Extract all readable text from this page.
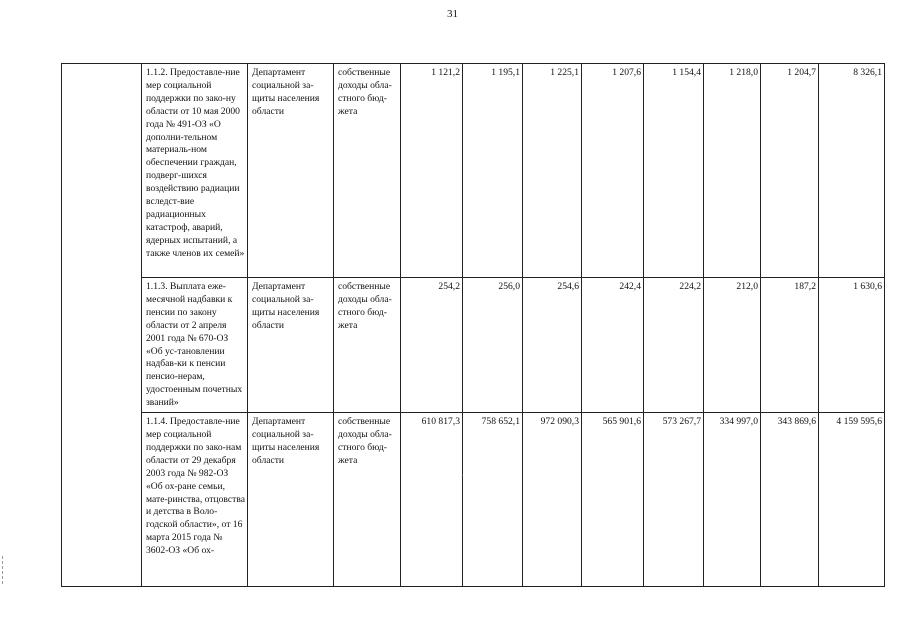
31
	1.1.2. Предоставле-ние мер социальной поддержки по зако-ну области от 10 мая 2000 года № 491-ОЗ «О дополни-тельном материаль-ном обеспечении граждан, подверг-шихся воздействию радиации вследст-вие радиационных катастроф, аварий, ядерных испытаний, а также членов их семей»	Департамент социальной за-щиты населения области	собственные доходы обла-стного бюд-жета	1 121,2	1 195,1	1 225,1	1 207,6	1 154,4	1 218,0	1 204,7	8 326,1
	1.1.3. Выплата еже-месячной надбавки к пенсии по закону области от 2 апреля 2001 года № 670-ОЗ «Об ус-тановлении надбав-ки к пенсии пенсио-нерам, удостоенным почетных званий»	Департамент социальной за-щиты населения области	собственные доходы обла-стного бюд-жета	254,2	256,0	254,6	242,4	224,2	212,0	187,2	1 630,6
	1.1.4. Предоставле-ние мер социальной поддержки по зако-нам области от 29 декабря 2003 года № 982-ОЗ «Об ох-ране семьи, мате-ринства, отцовства и детства в Воло-годской области», от 16 марта 2015 года № 3602-ОЗ «Об ох-	Департамент социальной за-щиты населения области	собственные доходы обла-стного бюд-жета	610 817,3	758 652,1	972 090,3	565 901,6	573 267,7	334 997,0	343 869,6	4 159 595,6
ʼ
